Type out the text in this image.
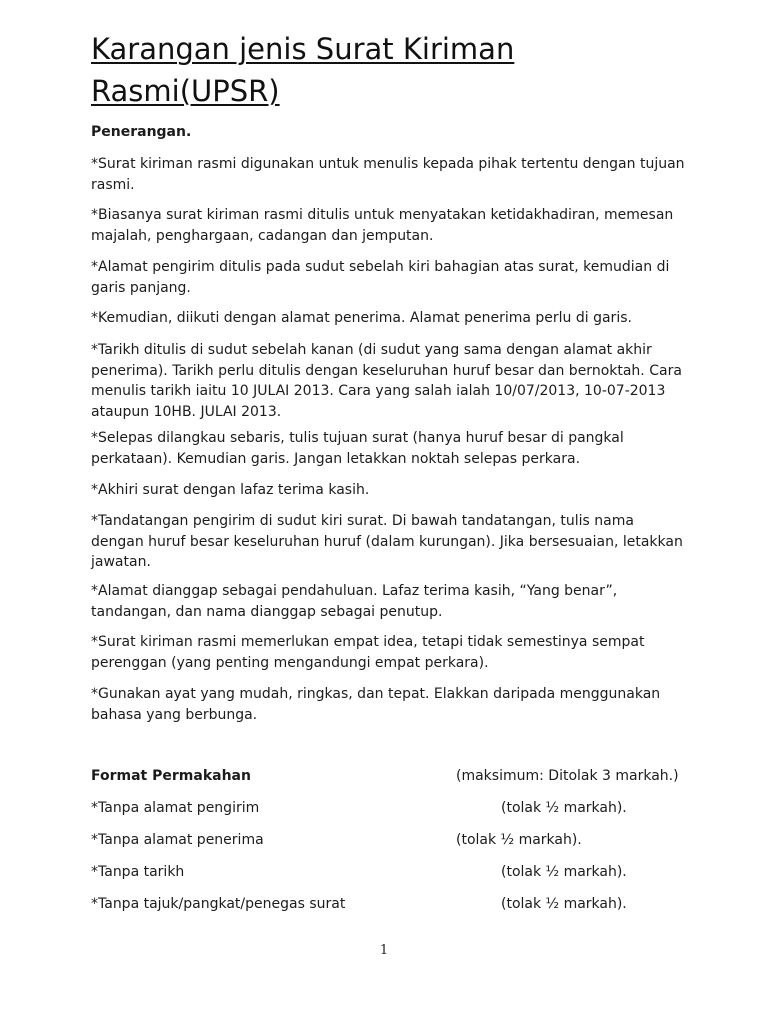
Karangan jenis Surat Kiriman Rasmi(UPSR)

Penerangan.

*Surat kiriman rasmi digunakan untuk menulis kepada pihak tertentu dengan tujuan rasmi.

*Biasanya surat kiriman rasmi ditulis untuk menyatakan ketidakhadiran, memesan majalah, penghargaan, cadangan dan jemputan.

*Alamat pengirim ditulis pada sudut sebelah kiri bahagian atas surat, kemudian di garis panjang.

*Kemudian, diikuti dengan alamat penerima. Alamat penerima perlu di garis.

*Tarikh ditulis di sudut sebelah kanan (di sudut yang sama dengan alamat akhir penerima). Tarikh perlu ditulis dengan keseluruhan huruf besar dan bernoktah. Cara menulis tarikh iaitu 10 JULAI 2013. Cara yang salah ialah 10/07/2013, 10-07-2013 ataupun 10HB. JULAI 2013.

*Selepas dilangkau sebaris, tulis tujuan surat (hanya huruf besar di pangkal perkataan). Kemudian garis. Jangan letakkan noktah selepas perkara.

*Akhiri surat dengan lafaz terima kasih.

*Tandatangan pengirim di sudut kiri surat. Di bawah tandatangan, tulis nama dengan huruf besar keseluruhan huruf (dalam kurungan). Jika bersesuaian, letakkan jawatan.

*Alamat dianggap sebagai pendahuluan. Lafaz terima kasih, “Yang benar”, tandangan, dan nama dianggap sebagai penutup.

*Surat kiriman rasmi memerlukan empat idea, tetapi tidak semestinya sempat perenggan (yang penting mengandungi empat perkara).

*Gunakan ayat yang mudah, ringkas, dan tepat. Elakkan daripada menggunakan bahasa yang berbunga.

Format Permakahan	(maksimum: Ditolak 3 markah.)

*Tanpa alamat pengirim	(tolak ½ markah).

*Tanpa alamat penerima	(tolak ½ markah).

*Tanpa tarikh	(tolak ½ markah).

*Tanpa tajuk/pangkat/penegas surat	(tolak ½ markah).

1
